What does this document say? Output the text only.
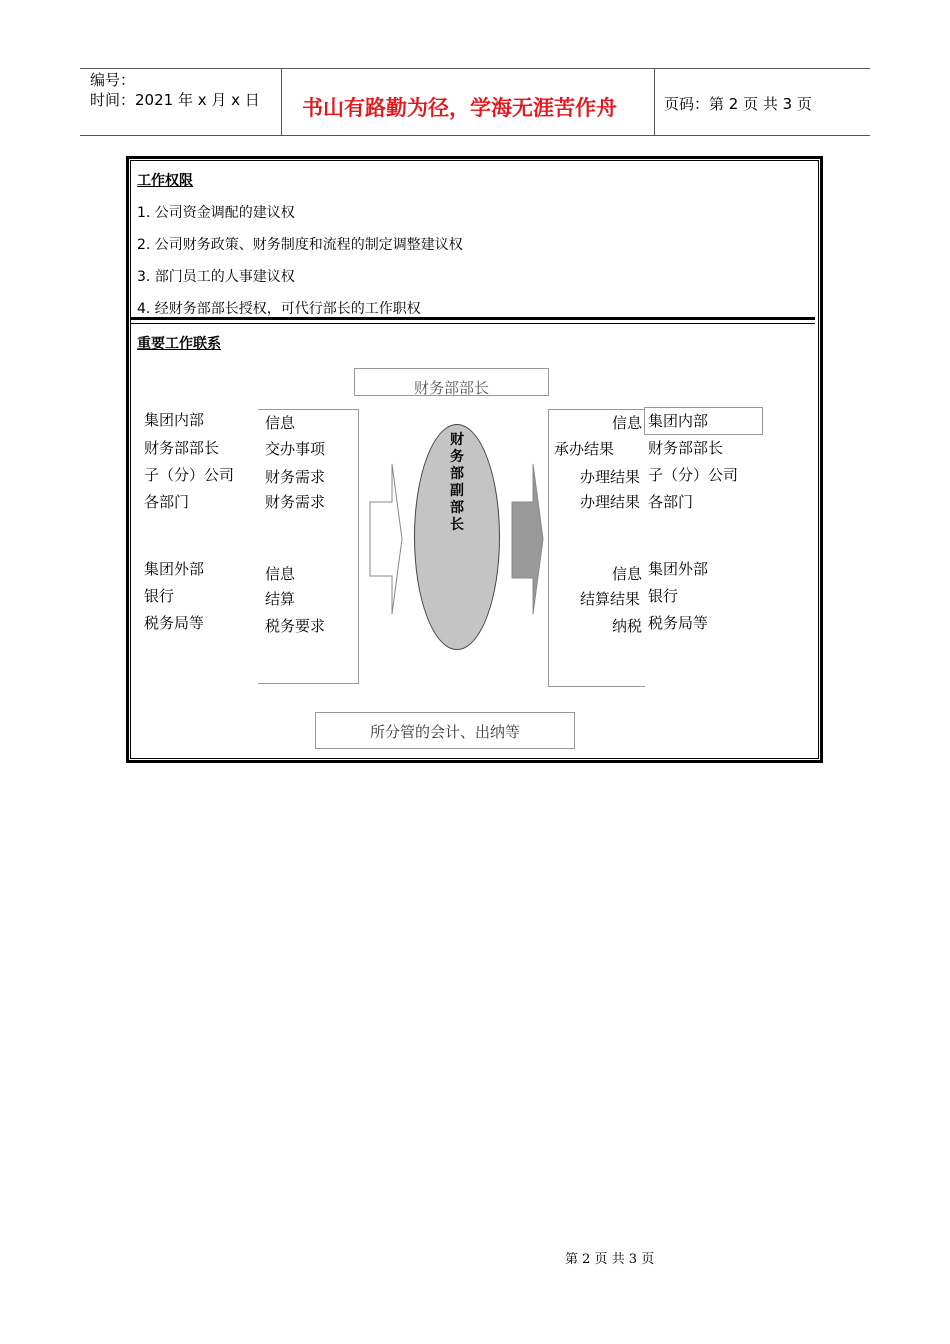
编号：
时间：2021 年 x 月 x 日 书山有路勤为径，学海无涯苦作舟	页码：第 2 页 共 3 页
工作权限
1. 公司资金调配的建议权
2. 公司财务政策、财务制度和流程的制定调整建议权
3. 部门员工的人事建议权
4. 经财务部部长授权，可代行部长的工作职权
重要工作联系
财务部部长
集团内部
财务部部长
子（分）公司
各部门
集团外部
银行
税务局等
信息
交办事项
财务需求
财务需求
信息
结算
税务要求
财务部副部长
信息
承办结果
办理结果
办理结果
信息
结算结果
纳税
集团内部
财务部部长
子（分）公司
各部门
集团外部
银行
税务局等
所分管的会计、出纳等
第 2 页 共 3 页
